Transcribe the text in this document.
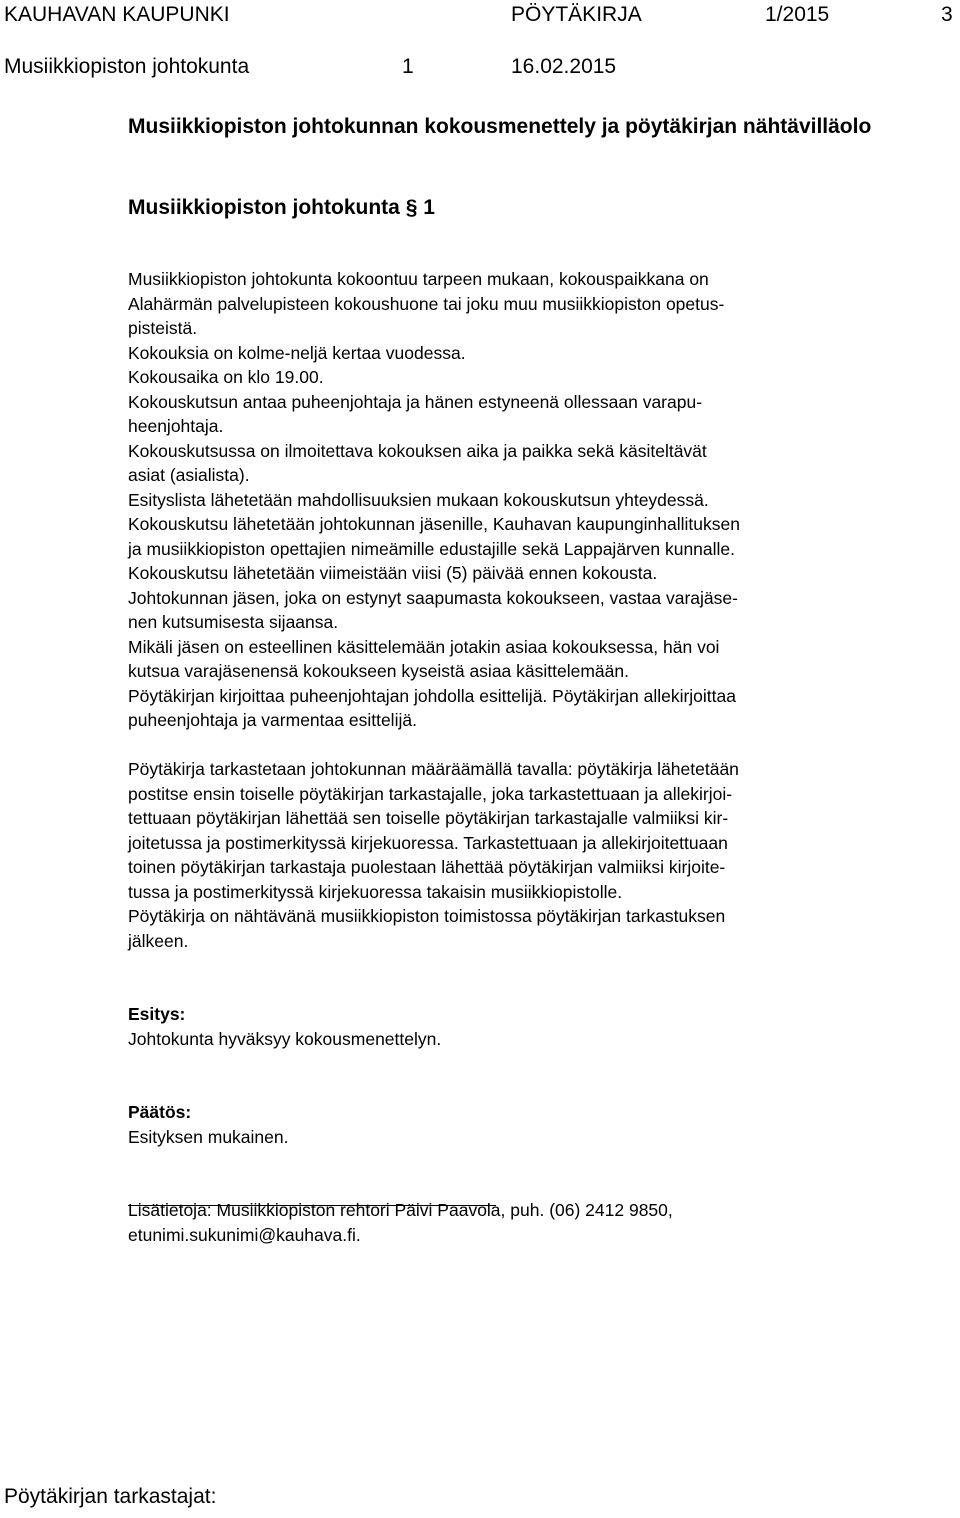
KAUHAVAN KAUPUNKI	PÖYTÄKIRJA	1/2015	3
Musiikkiopiston johtokunta	1	16.02.2015
Musiikkiopiston johtokunnan kokousmenettely ja pöytäkirjan nähtävilläolo
Musiikkiopiston johtokunta § 1
Musiikkiopiston johtokunta kokoontuu tarpeen mukaan, kokouspaikkana on
Alahärmän palvelupisteen kokoushuone tai joku muu musiikkiopiston opetus-
pisteistä.
Kokouksia on kolme-neljä kertaa vuodessa.
Kokousaika on klo 19.00.
Kokouskutsun antaa puheenjohtaja ja hänen estyneenä ollessaan varapu-
heenjohtaja.
Kokouskutsussa on ilmoitettava kokouksen aika ja paikka sekä käsiteltävät
asiat (asialista).
Esityslista lähetetään mahdollisuuksien mukaan kokouskutsun yhteydessä.
Kokouskutsu lähetetään johtokunnan jäsenille, Kauhavan kaupunginhallituksen
ja musiikkiopiston opettajien nimeämille edustajille sekä Lappajärven kunnalle.
Kokouskutsu lähetetään viimeistään viisi (5) päivää ennen kokousta.
Johtokunnan jäsen, joka on estynyt saapumasta kokoukseen, vastaa varajäse-
nen kutsumisesta sijaansa.
Mikäli jäsen on esteellinen käsittelemään jotakin asiaa kokouksessa, hän voi
kutsua varajäsenensä kokoukseen kyseistä asiaa käsittelemään.
Pöytäkirjan kirjoittaa puheenjohtajan johdolla esittelijä. Pöytäkirjan allekirjoittaa
puheenjohtaja ja varmentaa esittelijä.
Pöytäkirja tarkastetaan johtokunnan määräämällä tavalla: pöytäkirja lähetetään
postitse ensin toiselle pöytäkirjan tarkastajalle, joka tarkastettuaan ja allekirjoi-
tettuaan pöytäkirjan lähettää sen toiselle pöytäkirjan tarkastajalle valmiiksi kir-
joitetussa ja postimerkityssä kirjekuoressa. Tarkastettuaan ja allekirjoitettuaan
toinen pöytäkirjan tarkastaja puolestaan lähettää pöytäkirjan valmiiksi kirjoite-
tussa ja postimerkityssä kirjekuoressa takaisin musiikkiopistolle.
Pöytäkirja on nähtävänä musiikkiopiston toimistossa pöytäkirjan tarkastuksen
jälkeen.
Esitys:
Johtokunta hyväksyy kokousmenettelyn.
Päätös:
Esityksen mukainen.
Lisätietoja: Musiikkiopiston rehtori Päivi Paavola, puh. (06) 2412 9850,
etunimi.sukunimi@kauhava.fi.
Pöytäkirjan tarkastajat:
